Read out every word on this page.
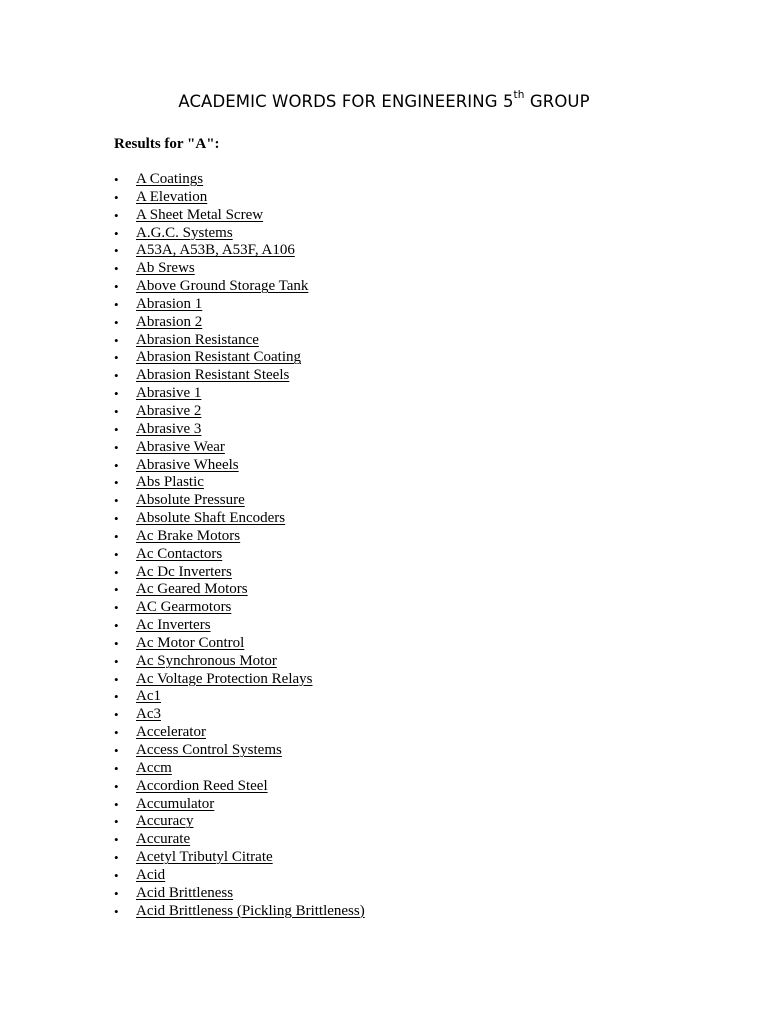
ACADEMIC WORDS FOR ENGINEERING 5th GROUP
Results for "A":
• A Coatings
• A Elevation
• A Sheet Metal Screw
• A.G.C. Systems
• A53A, A53B, A53F, A106
• Ab Srews
• Above Ground Storage Tank
• Abrasion 1
• Abrasion 2
• Abrasion Resistance
• Abrasion Resistant Coating
• Abrasion Resistant Steels
• Abrasive 1
• Abrasive 2
• Abrasive 3
• Abrasive Wear
• Abrasive Wheels
• Abs Plastic
• Absolute Pressure
• Absolute Shaft Encoders
• Ac Brake Motors
• Ac Contactors
• Ac Dc Inverters
• Ac Geared Motors
• AC Gearmotors
• Ac Inverters
• Ac Motor Control
• Ac Synchronous Motor
• Ac Voltage Protection Relays
• Ac1
• Ac3
• Accelerator
• Access Control Systems
• Accm
• Accordion Reed Steel
• Accumulator
• Accuracy
• Accurate
• Acetyl Tributyl Citrate
• Acid
• Acid Brittleness
• Acid Brittleness (Pickling Brittleness)
